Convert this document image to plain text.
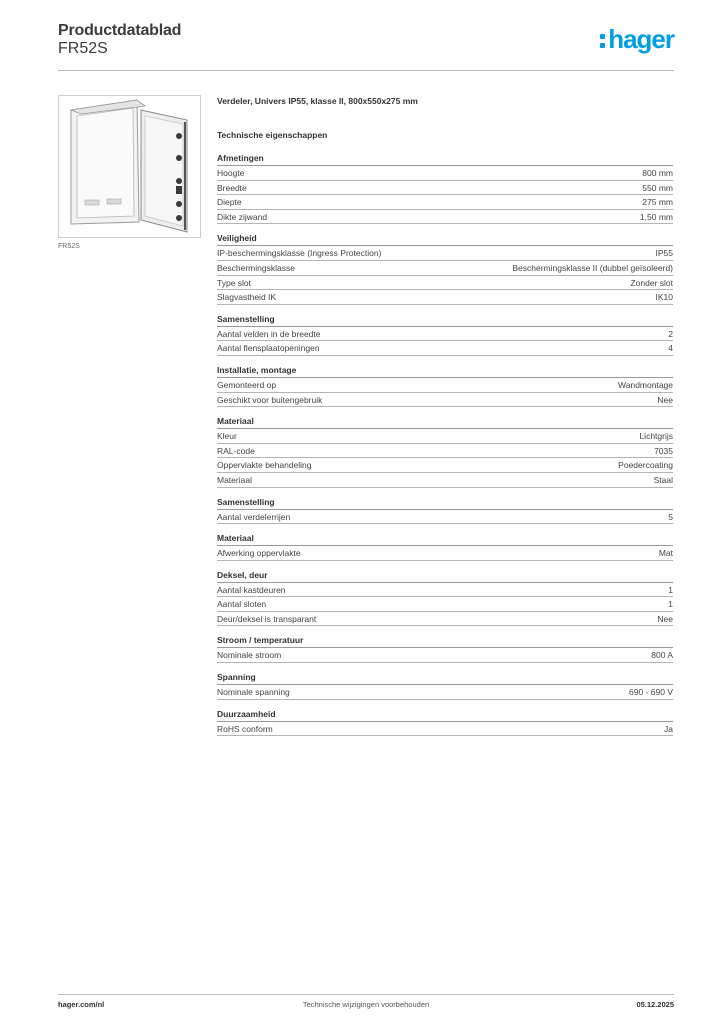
Productdatablad
FR52S	hager
FR52S
Verdeler, Univers IP55, klasse II, 800x550x275 mm
Technische eigenschappen
Afmetingen
Hoogte	800 mm
Breedte	550 mm
Diepte	275 mm
Dikte zijwand	1,50 mm
Veiligheid
IP-beschermingsklasse (Ingress Protection)	IP55
Beschermingsklasse	Beschermingsklasse II (dubbel geïsoleerd)
Type slot	Zonder slot
Slagvastheid IK	IK10
Samenstelling
Aantal velden in de breedte	2
Aantal flensplaatopeningen	4
Installatie, montage
Gemonteerd op	Wandmontage
Geschikt voor buitengebruik	Nee
Materiaal
Kleur	Lichtgrijs
RAL-code	7035
Oppervlakte behandeling	Poedercoating
Materiaal	Staal
Samenstelling
Aantal verdelerrijen	5
Materiaal
Afwerking oppervlakte	Mat
Deksel, deur
Aantal kastdeuren	1
Aantal sloten	1
Deur/deksel is transparant	Nee
Stroom / temperatuur
Nominale stroom	800 A
Spanning
Nominale spanning	690 - 690 V
Duurzaamheid
RoHS conform	Ja
hager.com/nl	Technische wijzigingen voorbehouden	05.12.2025
